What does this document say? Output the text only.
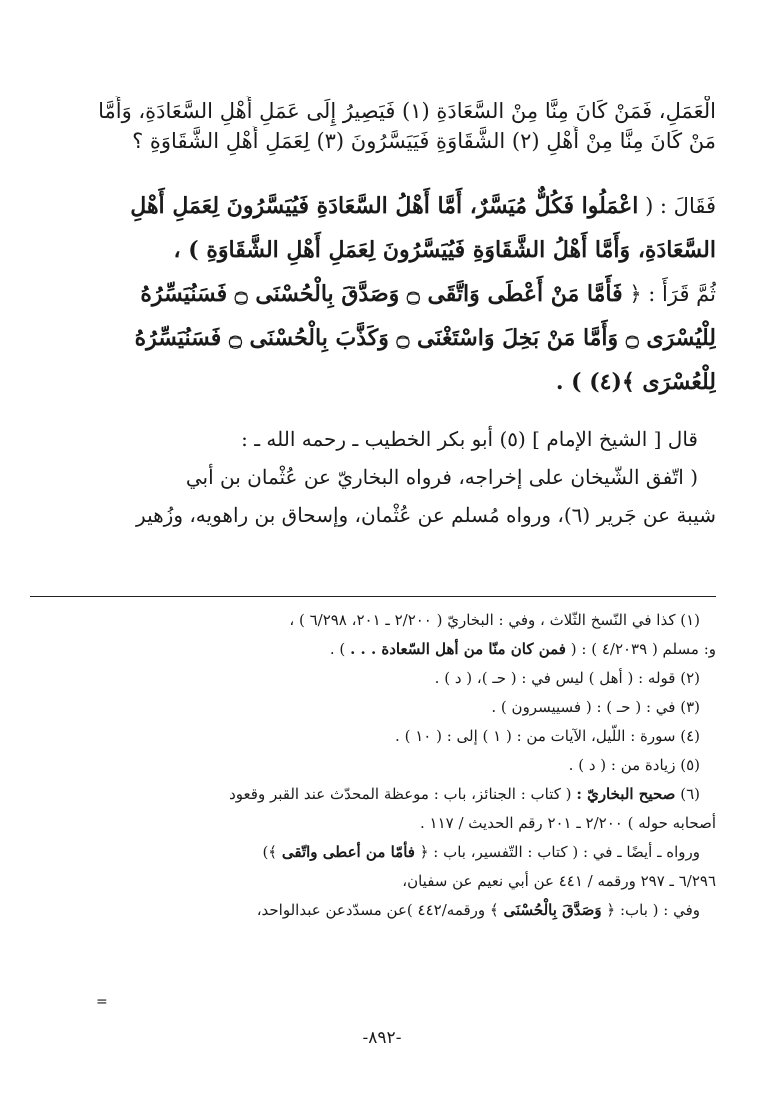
الْعَمَلِ، فَمَنْ كَانَ مِنَّا مِنْ السَّعَادَةِ (١) فَيَصِيرُ إِلَى عَمَلِ أَهْلِ السَّعَادَةِ، وَأَمَّا

مَنْ كَانَ مِنَّا مِنْ أَهْلِ (٢) الشَّقَاوَةِ فَيَيَسَّرُونَ (٣) لِعَمَلِ أَهْلِ الشَّقَاوَةِ ؟

فَقَالَ : ( اعْمَلُوا فَكُلٌّ مُيَسَّرٌ، أَمَّا أَهْلُ السَّعَادَةِ فَيُيَسَّرُونَ لِعَمَلِ أَهْلِ

السَّعَادَةِ، وَأَمَّا أَهْلُ الشَّقَاوَةِ فَيُيَسَّرُونَ لِعَمَلِ أَهْلِ الشَّقَاوَةِ ) ،

ثُمَّ قَرَأَ : ﴿ فَأَمَّا مَنْ أَعْطَى وَاتَّقَى ۝ وَصَدَّقَ بِالْحُسْنَى ۝ فَسَنُيَسِّرُهُ

لِلْيُسْرَى ۝ وَأَمَّا مَنْ بَخِلَ وَاسْتَغْنَى ۝ وَكَذَّبَ بِالْحُسْنَى ۝ فَسَنُيَسِّرُهُ

لِلْعُسْرَى ﴾(٤) ) .

قال [ الشيخ الإمام ] (٥) أبو بكر الخطيب ـ رحمه الله ـ :

( اتّفق الشّيخان على إخراجه، فرواه البخاريّ عن عُثْمان بن أبي

شيبة عن جَرير (٦)، ورواه مُسلم عن عُثْمان، وإسحاق بن راهويه، وزُهير

(١) كذا في النّسخ الثّلاث ، وفي : البخاريّ ( ٢/٢٠٠ ـ ٢٠١، ٦/٢٩٨ ) ،

و: مسلم ( ٤/٢٠٣٩ ) : ( فمن كان منّا من أهل السّعادة . . . ) .

(٢) قوله : ( أهل ) ليس في : ( حـ )، ( د ) .

(٣) في : ( حـ ) : ( فسييسرون ) .

(٤) سورة : اللّيل، الآيات من : ( ١ ) إلى : ( ١٠ ) .

(٥) زيادة من : ( د ) .

(٦) صحيح البخاريّ : ( كتاب : الجنائز، باب : موعظة المحدّث عند القبر وقعود

أصحابه حوله ) ٢/٢٠٠ ـ ٢٠١ رقم الحديث / ١١٧ .

ورواه ـ أيضًا ـ في : ( كتاب : التّفسير، باب : ﴿ فأمّا من أعطى واتّقى ﴾)

٦/٢٩٦ ـ ٢٩٧ ورقمه / ٤٤١ عن أبي نعيم عن سفيان،

وفي : ( باب: ﴿ وَصَدَّقَ بِالْحُسْنَى ﴾ ورقمه/٤٤٢ )عن مسدّدعن عبدالواحد،

=
-٨٩٢-
